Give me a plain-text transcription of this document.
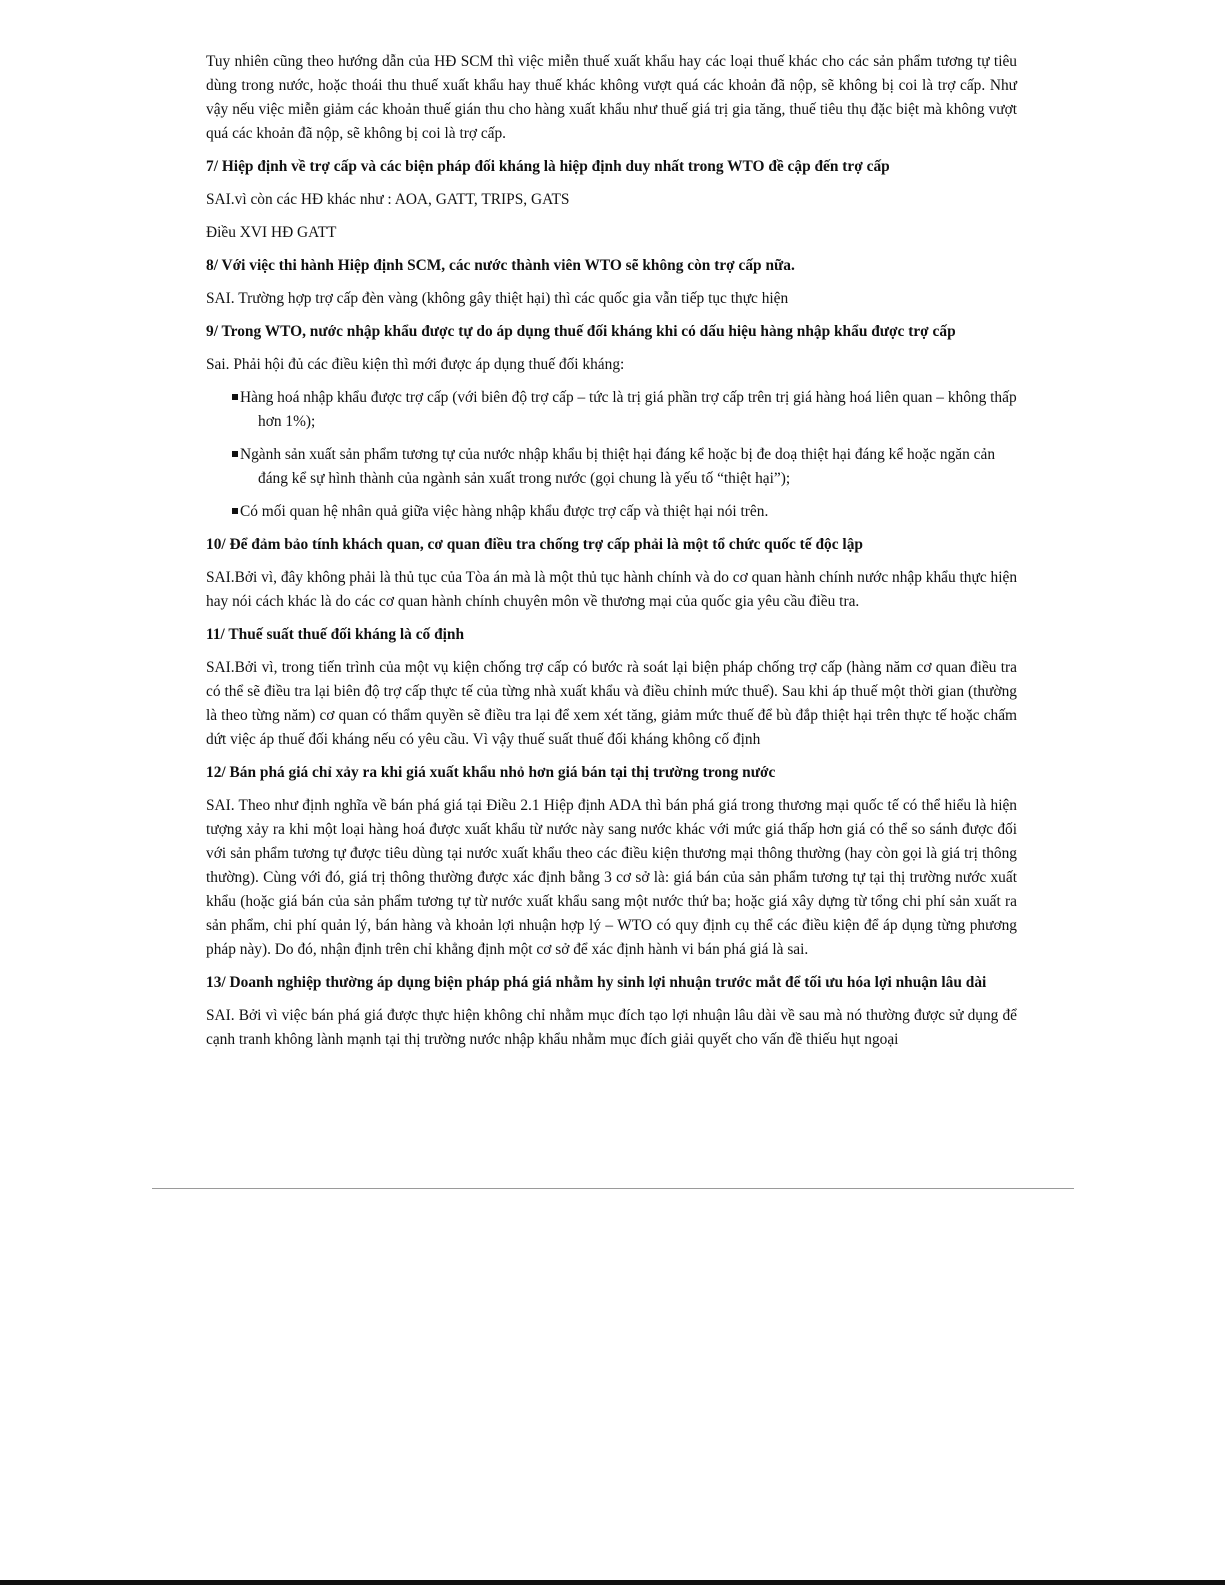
Tuy nhiên cũng theo hướng dẫn của HĐ SCM thì việc miễn thuế xuất khẩu hay các loại thuế khác cho các sản phẩm tương tự tiêu dùng trong nước, hoặc thoái thu thuế xuất khẩu hay thuế khác không vượt quá các khoản đã nộp, sẽ không bị coi là trợ cấp. Như vậy nếu việc miễn giảm các khoản thuế gián thu cho hàng xuất khẩu như thuế giá trị gia tăng, thuế tiêu thụ đặc biệt mà không vượt quá các khoản đã nộp, sẽ không bị coi là trợ cấp.

7/ Hiệp định về trợ cấp và các biện pháp đối kháng là hiệp định duy nhất trong WTO đề cập đến trợ cấp

SAI.vì còn các HĐ khác như : AOA, GATT, TRIPS, GATS

Điều XVI HĐ GATT

8/ Với việc thi hành Hiệp định SCM, các nước thành viên WTO sẽ không còn trợ cấp nữa.

SAI. Trường hợp trợ cấp đèn vàng (không gây thiệt hại) thì các quốc gia vẫn tiếp tục thực hiện

9/ Trong WTO, nước nhập khẩu được tự do áp dụng thuế đối kháng khi có dấu hiệu hàng nhập khẩu được trợ cấp

Sai. Phải hội đủ các điều kiện thì mới được áp dụng thuế đối kháng:

Hàng hoá nhập khẩu được trợ cấp (với biên độ trợ cấp – tức là trị giá phần trợ cấp trên trị giá hàng hoá liên quan – không thấp hơn 1%);

Ngành sản xuất sản phẩm tương tự của nước nhập khẩu bị thiệt hại đáng kể hoặc bị đe doạ thiệt hại đáng kể hoặc ngăn cản đáng kể sự hình thành của ngành sản xuất trong nước (gọi chung là yếu tố “thiệt hại”);

Có mối quan hệ nhân quả giữa việc hàng nhập khẩu được trợ cấp và thiệt hại nói trên.

10/ Để đảm bảo tính khách quan, cơ quan điều tra chống trợ cấp phải là một tổ chức quốc tế độc lập

SAI.Bởi vì, đây không phải là thủ tục của Tòa án mà là một thủ tục hành chính và do cơ quan hành chính nước nhập khẩu thực hiện hay nói cách khác là do các cơ quan hành chính chuyên môn về thương mại của quốc gia yêu cầu điều tra.

11/ Thuế suất thuế đối kháng là cố định

SAI.Bởi vì, trong tiến trình của một vụ kiện chống trợ cấp có bước rà soát lại biện pháp chống trợ cấp (hàng năm cơ quan điều tra có thể sẽ điều tra lại biên độ trợ cấp thực tế của từng nhà xuất khẩu và điều chỉnh mức thuế). Sau khi áp thuế một thời gian (thường là theo từng năm) cơ quan có thẩm quyền sẽ điều tra lại để xem xét tăng, giảm mức thuế để bù đắp thiệt hại trên thực tế hoặc chấm dứt việc áp thuế đối kháng nếu có yêu cầu. Vì vậy thuế suất thuế đối kháng không cố định

12/ Bán phá giá chỉ xảy ra khi giá xuất khẩu nhỏ hơn giá bán tại thị trường trong nước

SAI. Theo như định nghĩa về bán phá giá tại Điều 2.1 Hiệp định ADA thì bán phá giá trong thương mại quốc tế có thể hiểu là hiện tượng xảy ra khi một loại hàng hoá được xuất khẩu từ nước này sang nước khác với mức giá thấp hơn giá có thể so sánh được đối với sản phẩm tương tự được tiêu dùng tại nước xuất khẩu theo các điều kiện thương mại thông thường (hay còn gọi là giá trị thông thường). Cùng với đó, giá trị thông thường được xác định bằng 3 cơ sở là: giá bán của sản phẩm tương tự tại thị trường nước xuất khẩu (hoặc giá bán của sản phẩm tương tự từ nước xuất khẩu sang một nước thứ ba; hoặc giá xây dựng từ tổng chi phí sản xuất ra sản phẩm, chi phí quản lý, bán hàng và khoản lợi nhuận hợp lý – WTO có quy định cụ thể các điều kiện để áp dụng từng phương pháp này). Do đó, nhận định trên chỉ khẳng định một cơ sở để xác định hành vi bán phá giá là sai.

13/ Doanh nghiệp thường áp dụng biện pháp phá giá nhằm hy sinh lợi nhuận trước mắt để tối ưu hóa lợi nhuận lâu dài

SAI. Bởi vì việc bán phá giá được thực hiện không chỉ nhằm mục đích tạo lợi nhuận lâu dài về sau mà nó thường được sử dụng để cạnh tranh không lành mạnh tại thị trường nước nhập khẩu nhằm mục đích giải quyết cho vấn đề thiếu hụt ngoại
